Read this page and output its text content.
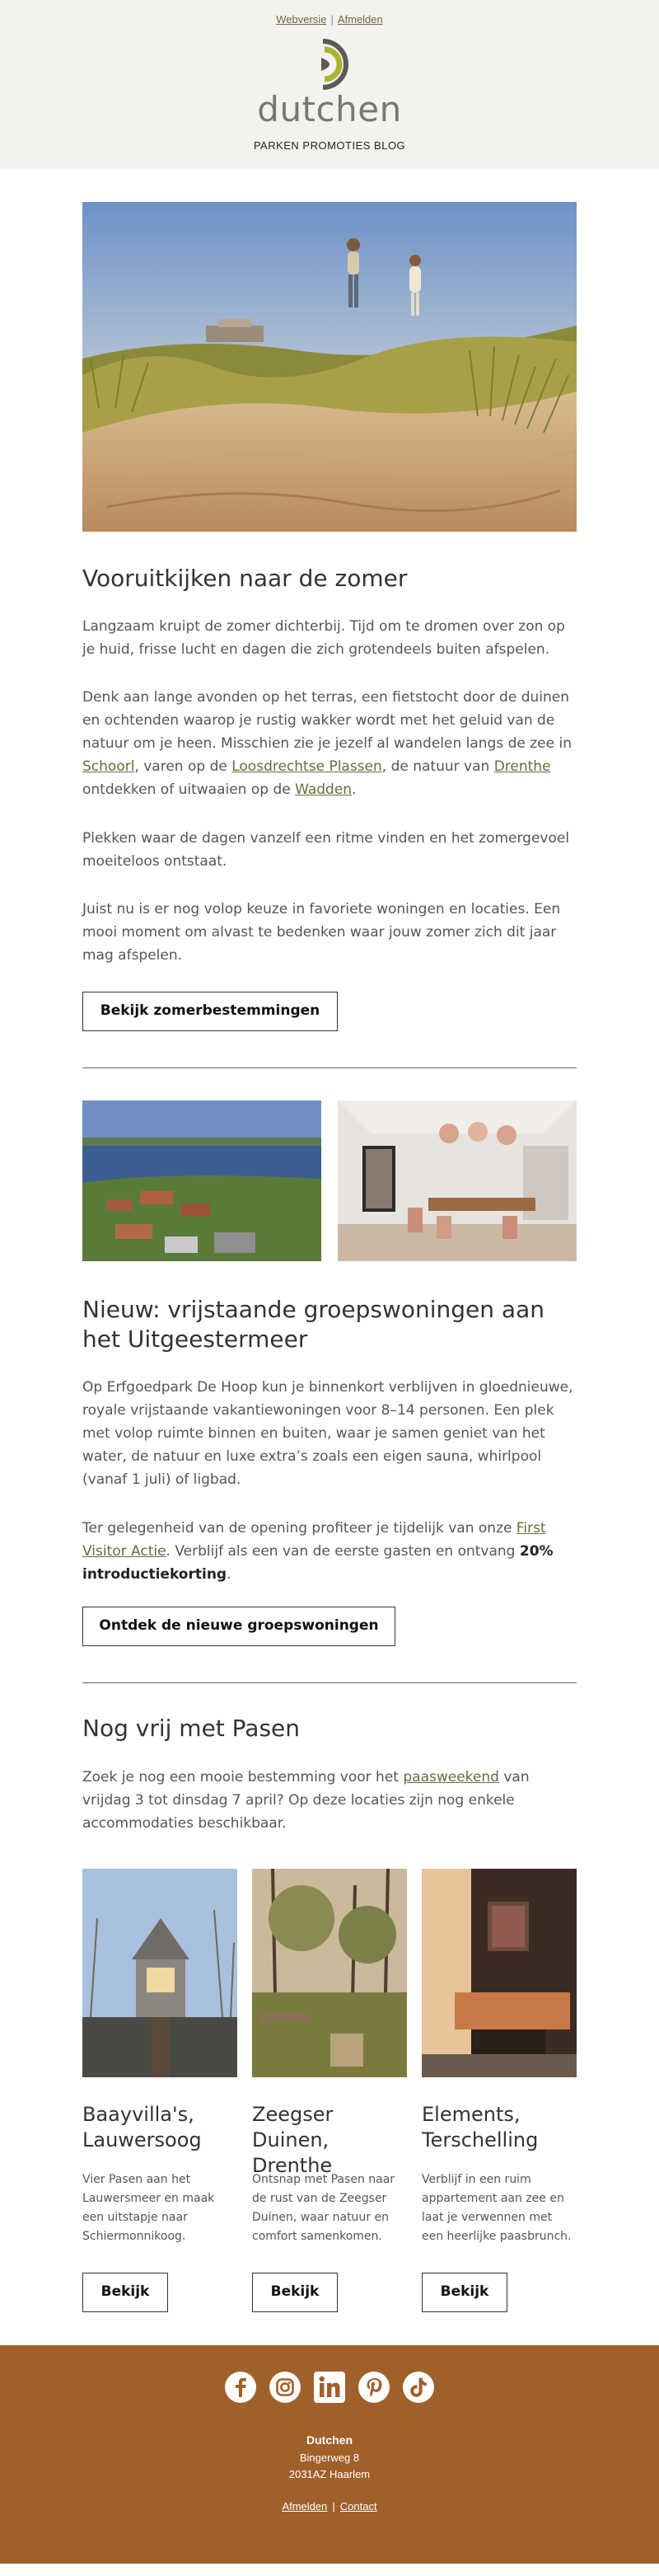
Webversie | Afmelden
dutchen
PARKEN PROMOTIES BLOG
Vooruitkijken naar de zomer
Langzaam kruipt de zomer dichterbij. Tijd om te dromen over zon op je huid, frisse lucht en dagen die zich grotendeels buiten afspelen.
Denk aan lange avonden op het terras, een fietstocht door de duinen en ochtenden waarop je rustig wakker wordt met het geluid van de natuur om je heen. Misschien zie je jezelf al wandelen langs de zee in Schoorl, varen op de Loosdrechtse Plassen, de natuur van Drenthe ontdekken of uitwaaien op de Wadden.
Plekken waar de dagen vanzelf een ritme vinden en het zomergevoel moeiteloos ontstaat.
Juist nu is er nog volop keuze in favoriete woningen en locaties. Een mooi moment om alvast te bedenken waar jouw zomer zich dit jaar mag afspelen.
Bekijk zomerbestemmingen
Nieuw: vrijstaande groepswoningen aan het Uitgeestermeer
Op Erfgoedpark De Hoop kun je binnenkort verblijven in gloednieuwe, royale vrijstaande vakantiewoningen voor 8–14 personen. Een plek met volop ruimte binnen en buiten, waar je samen geniet van het water, de natuur en luxe extra’s zoals een eigen sauna, whirlpool (vanaf 1 juli) of ligbad.
Ter gelegenheid van de opening profiteer je tijdelijk van onze First Visitor Actie. Verblijf als een van de eerste gasten en ontvang 20% introductiekorting.
Ontdek de nieuwe groepswoningen
Nog vrij met Pasen
Zoek je nog een mooie bestemming voor het paasweekend van vrijdag 3 tot dinsdag 7 april? Op deze locaties zijn nog enkele accommodaties beschikbaar.
Baayvilla's, Lauwersoog
Zeegser Duinen, Drenthe
Elements, Terschelling
Vier Pasen aan het Lauwersmeer en maak een uitstapje naar Schiermonnikoog.
Ontsnap met Pasen naar de rust van de Zeegser Duinen, waar natuur en comfort samenkomen.
Verblijf in een ruim appartement aan zee en laat je verwennen met een heerlijke paasbrunch.
Bekijk	Bekijk	Bekijk
Dutchen
Bingerweg 8
2031AZ Haarlem
Afmelden | Contact
